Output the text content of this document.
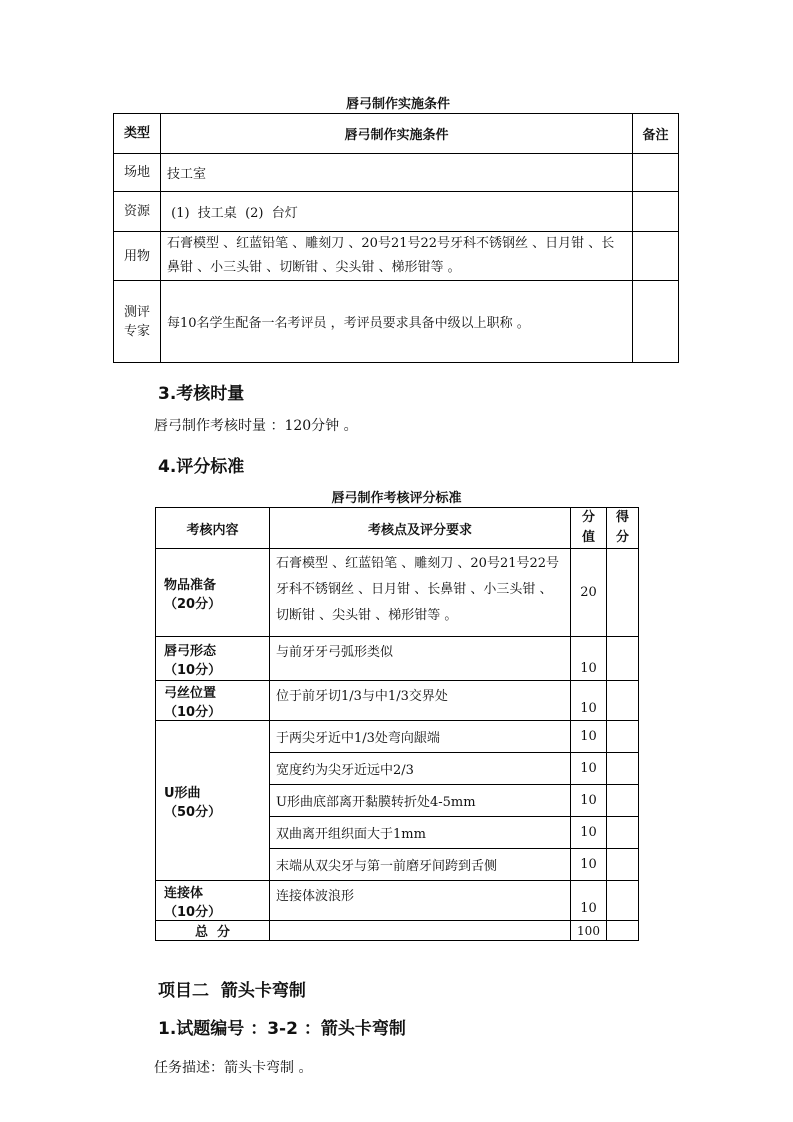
唇弓制作实施条件
类型	唇弓制作实施条件	备注
场地	技工室	
资源	(1)  技工桌  (2)  台灯	
用物	石膏模型 、红蓝铅笔 、雕刻刀 、20号21号22号牙科不锈钢丝 、日月钳 、长鼻钳 、小三头钳 、切断钳 、尖头钳 、梯形钳等 。	
测评专家	每10名学生配备一名考评员 ，考评员要求具备中级以上职称 。	
3.考核时量
唇弓制作考核时量 ：120分钟 。
4.评分标准
唇弓制作考核评分标准
考核内容	考核点及评分要求	分值	得分

物品准备
（20分）	石膏模型 、红蓝铅笔 、雕刻刀 、20号21号22号牙科不锈钢丝 、日月钳 、长鼻钳 、小三头钳 、切断钳 、尖头钳 、梯形钳等 。	20	

唇弓形态
（10分）	与前牙牙弓弧形类似	10	

弓丝位置
（10分）	位于前牙切1/3与中1/3交界处	10	

U形曲
（50分）	于两尖牙近中1/3处弯向龈端	10	
	宽度约为尖牙近远中2/3	10	
	U形曲底部离开黏膜转折处4-5mm	10	
	双曲离开组织面大于1mm	10	
	末端从双尖牙与第一前磨牙间跨到舌侧	10	

连接体
（10分）	连接体波浪形	10	
总  分		100	
项目二  箭头卡弯制
1.试题编号 ：3-2 ：箭头卡弯制
任务描述：箭头卡弯制 。
